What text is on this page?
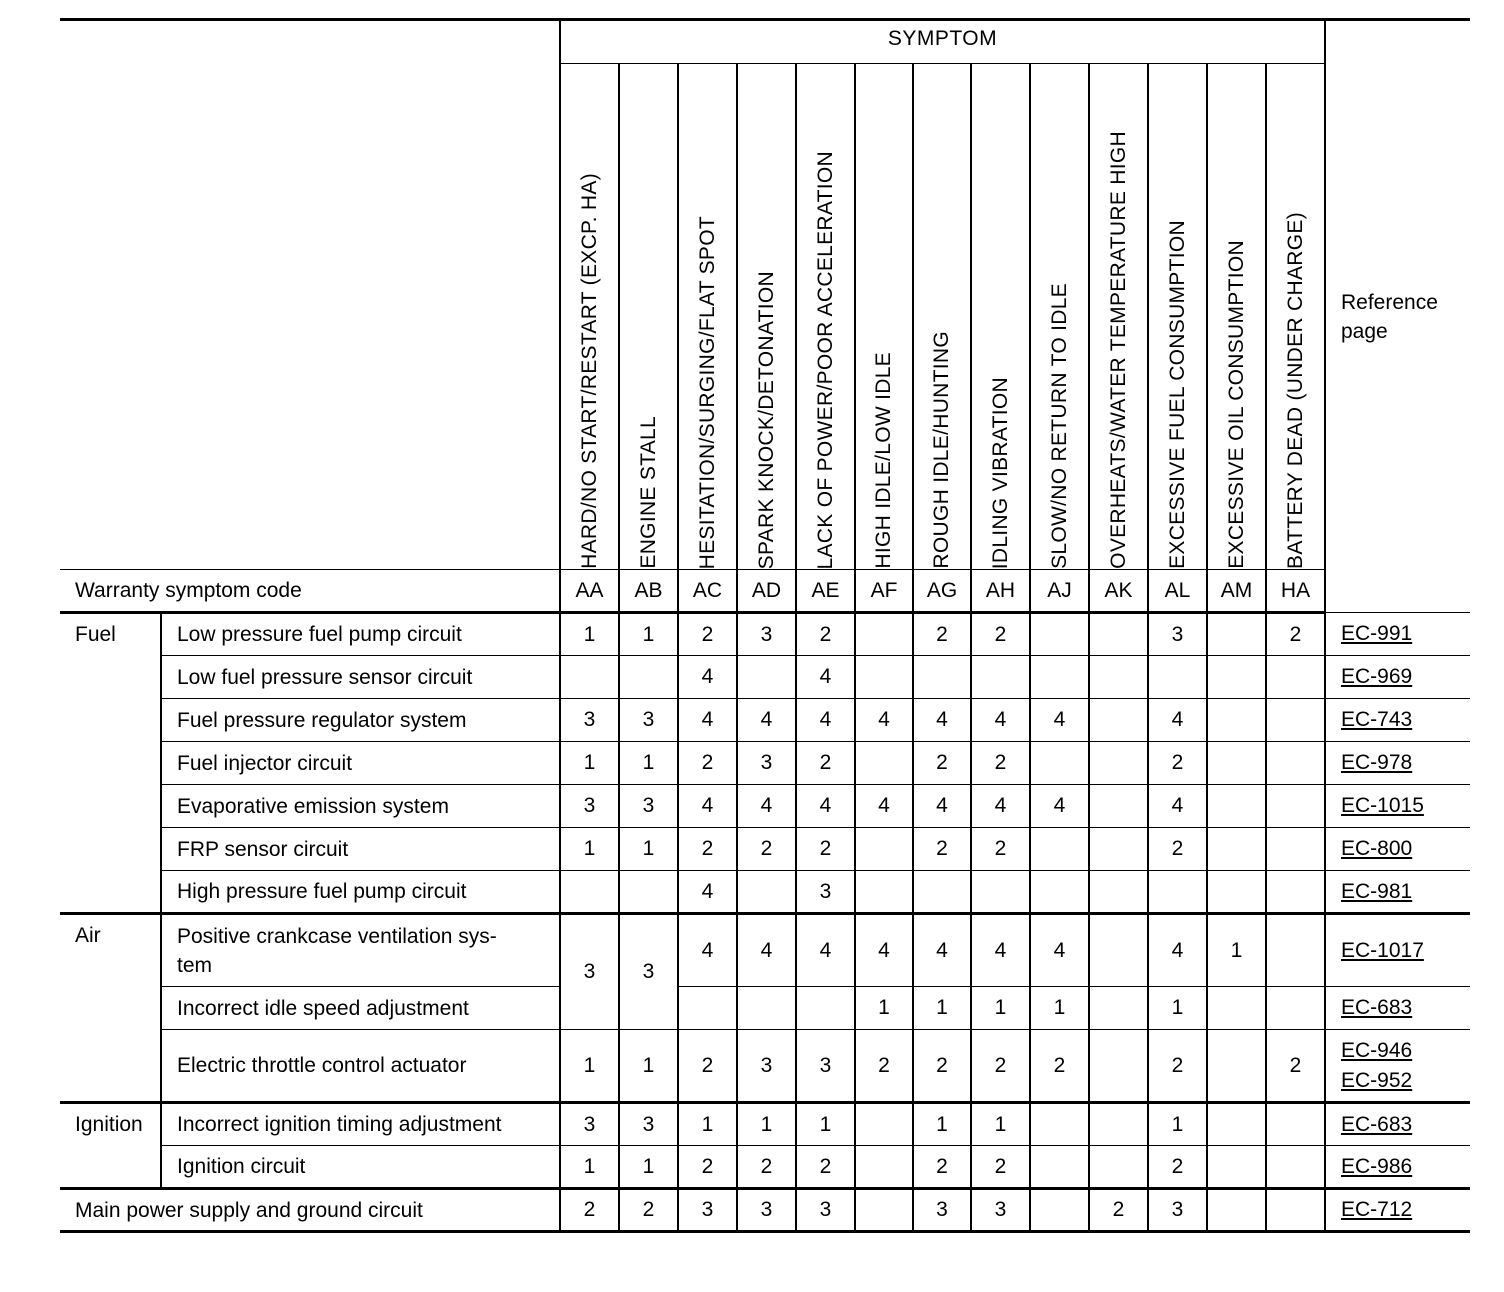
		SYMPTOM													Reference
page

		HARD/NO START/RESTART (EXCP. HA)	ENGINE STALL	HESITATION/SURGING/FLAT SPOT	SPARK KNOCK/DETONATION	LACK OF POWER/POOR ACCELERATION	HIGH IDLE/LOW IDLE	ROUGH IDLE/HUNTING	IDLING VIBRATION	SLOW/NO RETURN TO IDLE	OVERHEATS/WATER TEMPERATURE HIGH	EXCESSIVE FUEL CONSUMPTION	EXCESSIVE OIL CONSUMPTION	BATTERY DEAD (UNDER CHARGE)	

Warranty symptom code		AA	AB	AC	AD	AE	AF	AG	AH	AJ	AK	AL	AM	HA	
Fuel	Low pressure fuel pump circuit	1	1	2	3	2		2	2			3		2	EC-991

	Low fuel pressure sensor circuit			4		4									EC-969

	Fuel pressure regulator system	3	3	4	4	4	4	4	4	4		4			EC-743

	Fuel injector circuit	1	1	2	3	2		2	2			2			EC-978

	Evaporative emission system	3	3	4	4	4	4	4	4	4		4			EC-1015

	FRP sensor circuit	1	1	2	2	2		2	2			2			EC-800

	High pressure fuel pump circuit			4		3									EC-981

Air	Positive crankcase ventilation sys-
tem	3	3	4	4	4	4	4	4	4		4	1		EC-1017

	Incorrect idle speed adjustment						1	1	1	1		1			EC-683

	Electric throttle control actuator	1	1	2	3	3	2	2	2	2		2		2	EC-946
EC-952

Ignition	Incorrect ignition timing adjustment	3	3	1	1	1		1	1			1			EC-683

	Ignition circuit	1	1	2	2	2		2	2			2			EC-986

Main power supply and ground circuit		2	2	3	3	3		3	3		2	3			EC-712
